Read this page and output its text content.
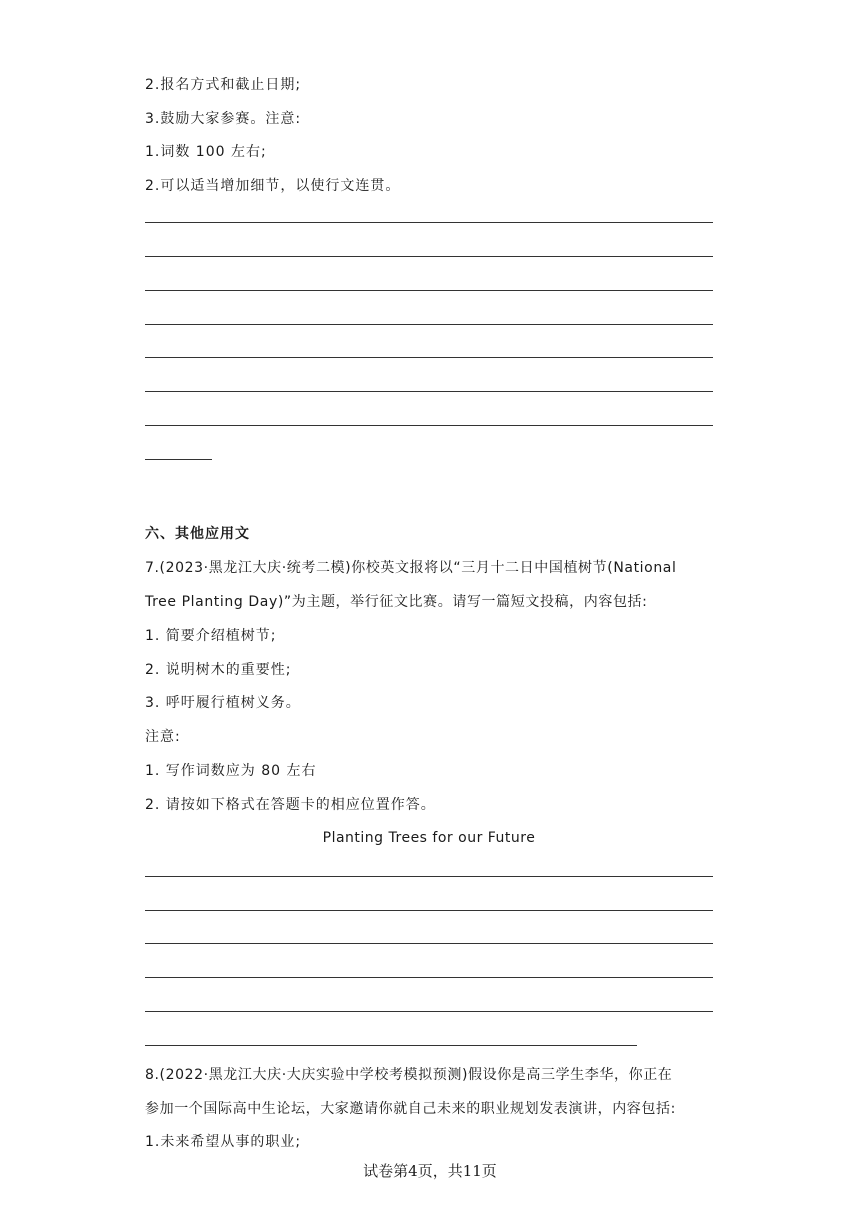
2.报名方式和截止日期;
3.鼓励大家参赛。注意:
1.词数 100 左右;
2.可以适当增加细节，以使行文连贯。
六、其他应用文
7.(2023·黑龙江大庆·统考二模)你校英文报将以“三月十二日中国植树节(National
Tree Planting Day)”为主题，举行征文比赛。请写一篇短文投稿，内容包括:
1. 简要介绍植树节;
2. 说明树木的重要性;
3. 呼吁履行植树义务。
注意:
1. 写作词数应为 80 左右
2. 请按如下格式在答题卡的相应位置作答。
Planting Trees for our Future
8.(2022·黑龙江大庆·大庆实验中学校考模拟预测)假设你是高三学生李华，你正在
参加一个国际高中生论坛，大家邀请你就自己未来的职业规划发表演讲，内容包括:
1.未来希望从事的职业;
试卷第4页，共11页
